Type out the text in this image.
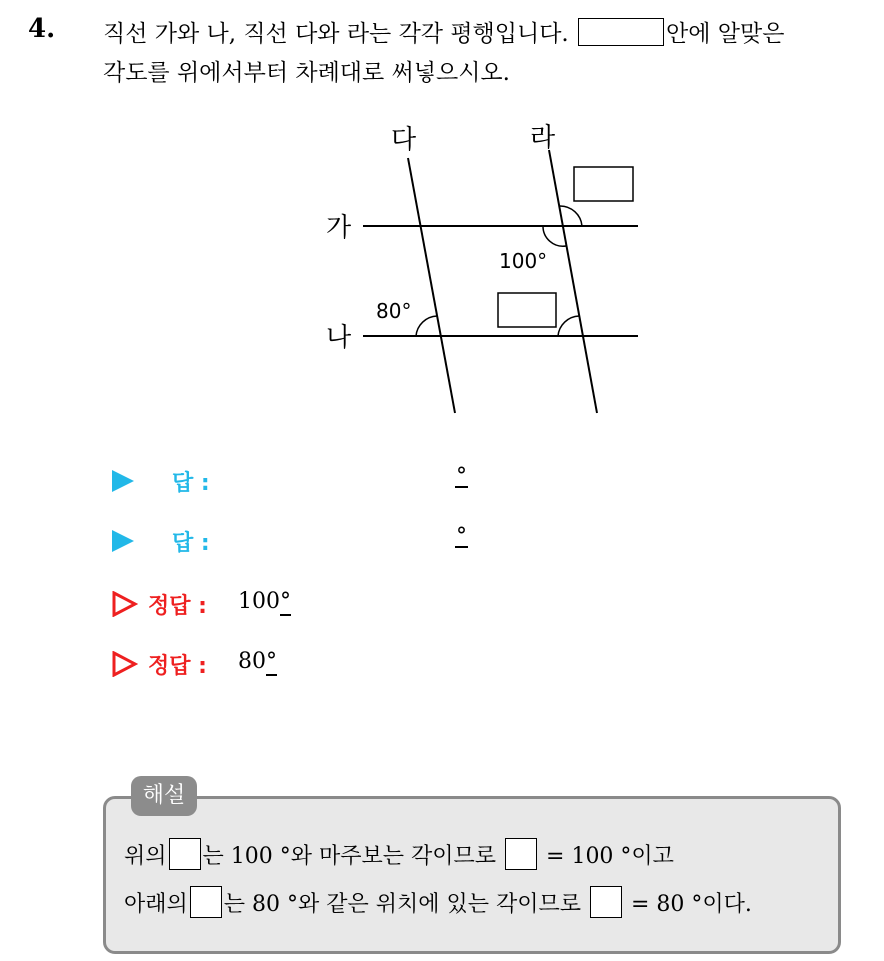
4. 직선 가와 나, 직선 다와 라는 각각 평행입니다.	안에 알맞은
각도를 위에서부터 차례대로 써넣으시오.
다	라
가
나
100°
80°
답 :	°
답 :	°
정답 : 100°
정답 : 80°
해설
위의 는 100 °와 마주보는 각이므로 = 100 °이고
아래의 는 80 °와 같은 위치에 있는 각이므로 = 80 °이다.
